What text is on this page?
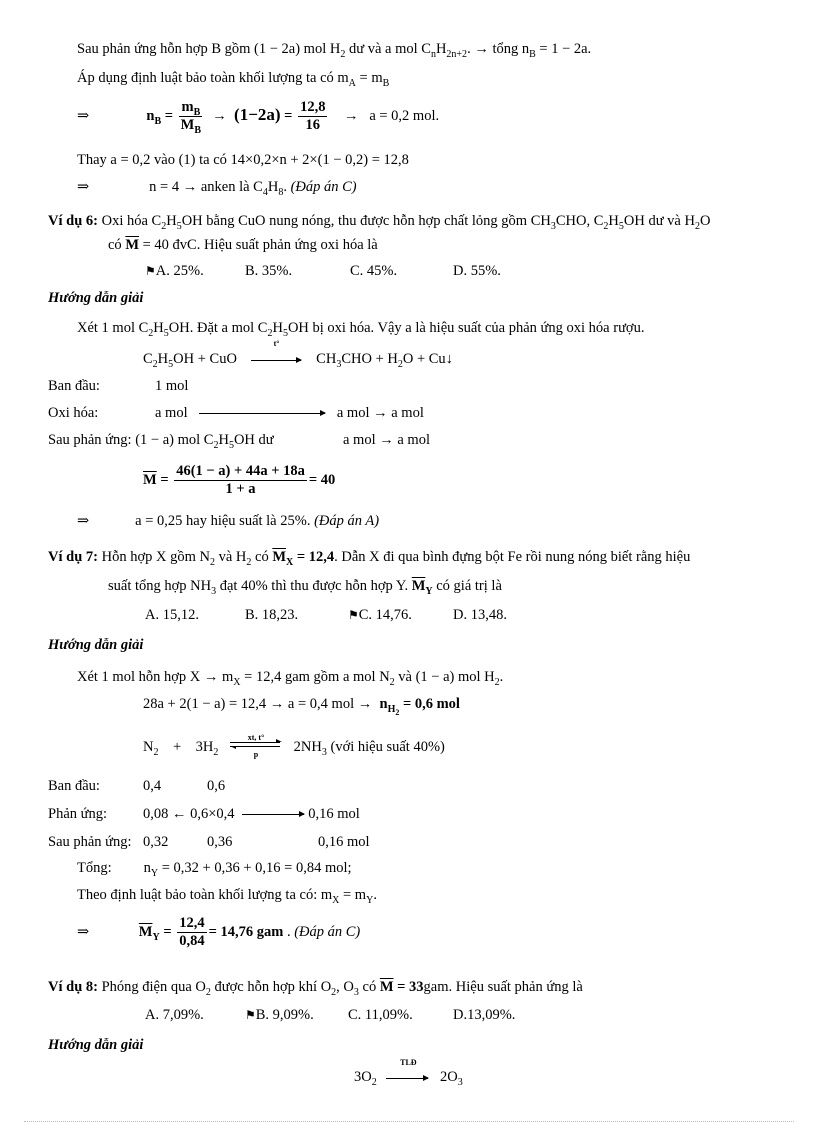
Sau phản ứng hỗn hợp B gồm (1 − 2a) mol $H_2$ dư và a mol $C_nH_{2n+2}$. → tổng $n_B = 1 - 2a$.
Áp dụng định luật bảo toàn khối lượng ta có $m_A = m_B$
⇒	$n_B = \frac{m_B}{M_B} \to (1-2a) = \frac{12,8}{16} \to a = 0,2$ mol.
Thay a = 0,2 vào (1) ta có 14×0,2×n + 2×(1 − 0,2) = 12,8
⇒	n = 4 → anken là $C_4H_8$. (Đáp án C)
Ví dụ 6: Oxi hóa $C_2H_5OH$ bằng CuO nung nóng, thu được hỗn hợp chất lỏng gồm $CH_3CHO$, $C_2H_5OH$ dư và $H_2O$
có $\overline{M} = 40$ đvC. Hiệu suất phản ứng oxi hóa là
⚑A. 25%.	B. 35%.	C. 45%.	D. 55%.
Hướng dẫn giải
Xét 1 mol $C_2H_5OH$. Đặt a mol $C_2H_5OH$ bị oxi hóa. Vậy a là hiệu suất của phản ứng oxi hóa rượu.
$C_2H_5OH$ + CuO
t°
$CH_3CHO + H_2O$ + Cu↓
Ban đầu:	1 mol
Oxi hóa:	a mol	a mol → a mol
Sau phản ứng: (1 − a) mol $C_2H_5OH$ dư	a mol → a mol
$\overline{M} = \frac{46(1 - a) + 44a + 18a}{1 + a} = 40$
⇒	a = 0,25 hay hiệu suất là 25%. (Đáp án A)
Ví dụ 7: Hỗn hợp X gồm $N_2$ và $H_2$ có $\overline{M}_X = 12,4$. Dẫn X đi qua bình đựng bột Fe rồi nung nóng biết rằng hiệu
suất tổng hợp $NH_3$ đạt 40% thì thu được hỗn hợp Y. $\overline{M}_Y$ có giá trị là
A. 15,12.	B. 18,23.	⚑C. 14,76.	D. 13,48.
Hướng dẫn giải
Xét 1 mol hỗn hợp $X \to m_X = 12,4$ gam gồm a mol $N_2$ và (1 − a) mol $H_2$.
28a + 2(1 − a) = 12,4 → a = 0,4 mol → $n_{H_2} = 0,6$ mol
$N_2 + 3H_2$
xt, t°
p	$2NH_3$ (với hiệu suất 40%)
Ban đầu:	0,4	0,6
Phản ứng: 0,08 ← 0,6×0,4	0,16 mol
Sau phản ứng: 0,32	0,36	0,16 mol
Tổng: $n_Y = 0,32 + 0,36 + 0,16 = 0,84$ mol;
Theo định luật bảo toàn khối lượng ta có: $m_X = m_Y$.
⇒	$\overline{M}_Y = \frac{12,4}{0,84} = 14,76$ gam . (Đáp án C)
Ví dụ 8: Phóng điện qua $O_2$ được hỗn hợp khí $O_2$, $O_3$ có $\overline{M} = 33gam$. Hiệu suất phản ứng là
A. 7,09%.	⚑B. 9,09%. C. 11,09%.	D.13,09%.
Hướng dẫn giải
$3O_2$
TLĐ
$2O_3$
